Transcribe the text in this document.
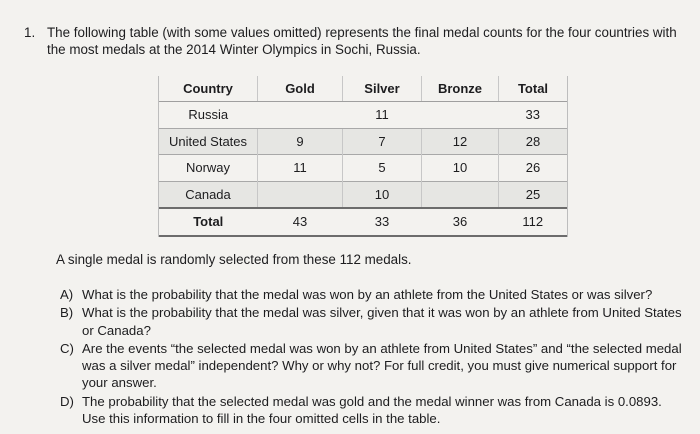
1. The following table (with some values omitted) represents the final medal counts for the four countries with the most medals at the 2014 Winter Olympics in Sochi, Russia.
Country	Gold	Silver	Bronze	Total
Russia		11		33
United States	9	7	12	28
Norway	11	5	10	26
Canada		10		25
Total	43	33	36	112
A single medal is randomly selected from these 112 medals.
A) What is the probability that the medal was won by an athlete from the United States or was silver?
B) What is the probability that the medal was silver, given that it was won by an athlete from United States or Canada?
C) Are the events “the selected medal was won by an athlete from United States” and “the selected medal was a silver medal” independent? Why or why not? For full credit, you must give numerical support for your answer.
D) The probability that the selected medal was gold and the medal winner was from Canada is 0.0893. Use this information to fill in the four omitted cells in the table.
